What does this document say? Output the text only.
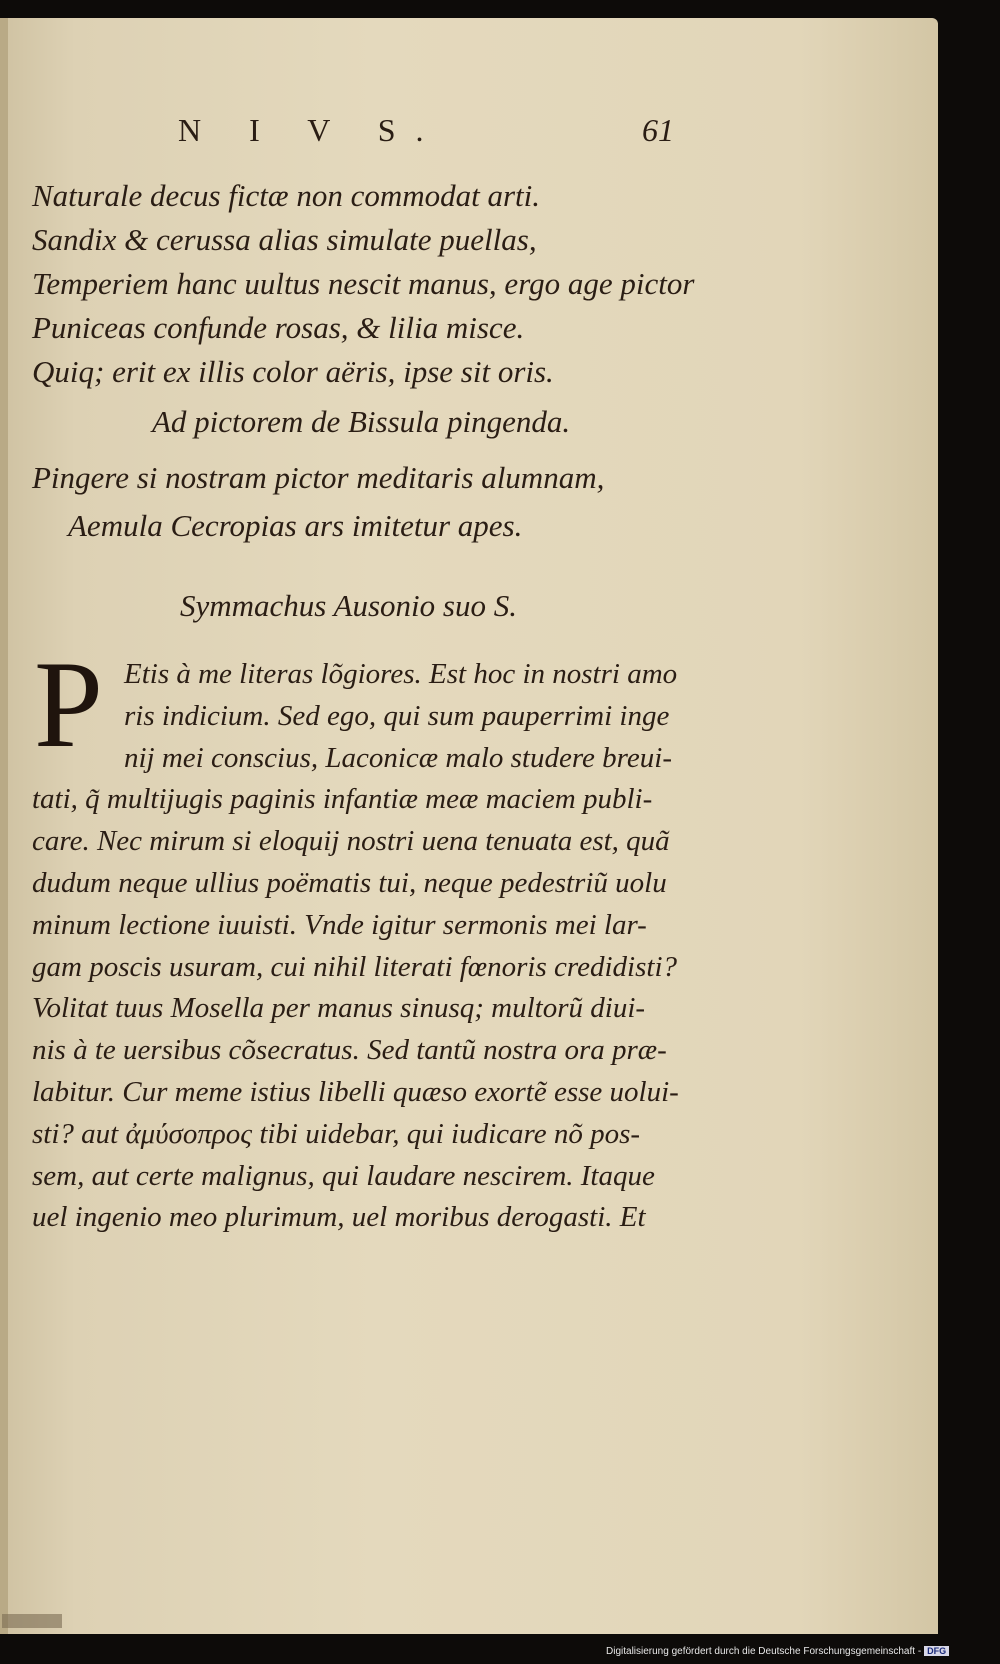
N I V S.	61
Naturale decus fictæ non commodat arti.
Sandix & cerussa alias simulate puellas,
Temperiem hanc uultus nescit manus, ergo age pictor
Puniceas confunde rosas, & lilia misce.
Quiq; erit ex illis color aëris, ipse sit oris.
Ad pictorem de Bissula pingenda.
Pingere si nostram pictor meditaris alumnam,
Aemula Cecropias ars imitetur apes.
Symmachus Ausonio suo S.
P Etis à me literas lõgiores. Est hoc in nostri amo
ris indicium. Sed ego, qui sum pauperrimi inge
nij mei conscius, Laconicæ malo studere breui-
tati, q̃ multijugis paginis infantiæ meæ maciem publi-
care. Nec mirum si eloquij nostri uena tenuata est, quã
dudum neque ullius poëmatis tui, neque pedestriũ uolu
minum lectione iuuisti. Vnde igitur sermonis mei lar-
gam poscis usuram, cui nihil literati fœnoris credidisti?
Volitat tuus Mosella per manus sinusq; multorũ diui-
nis à te uersibus cõsecratus. Sed tantũ nostra ora præ-
labitur. Cur meme istius libelli quæso exortẽ esse uolui-
sti? aut ἀμύσοπρος tibi uidebar, qui iudicare nõ pos-
sem, aut certe malignus, qui laudare nescirem. Itaque
uel ingenio meo plurimum, uel moribus derogasti. Et
Digitalisierung gefördert durch die Deutsche Forschungsgemeinschaft - DFG
